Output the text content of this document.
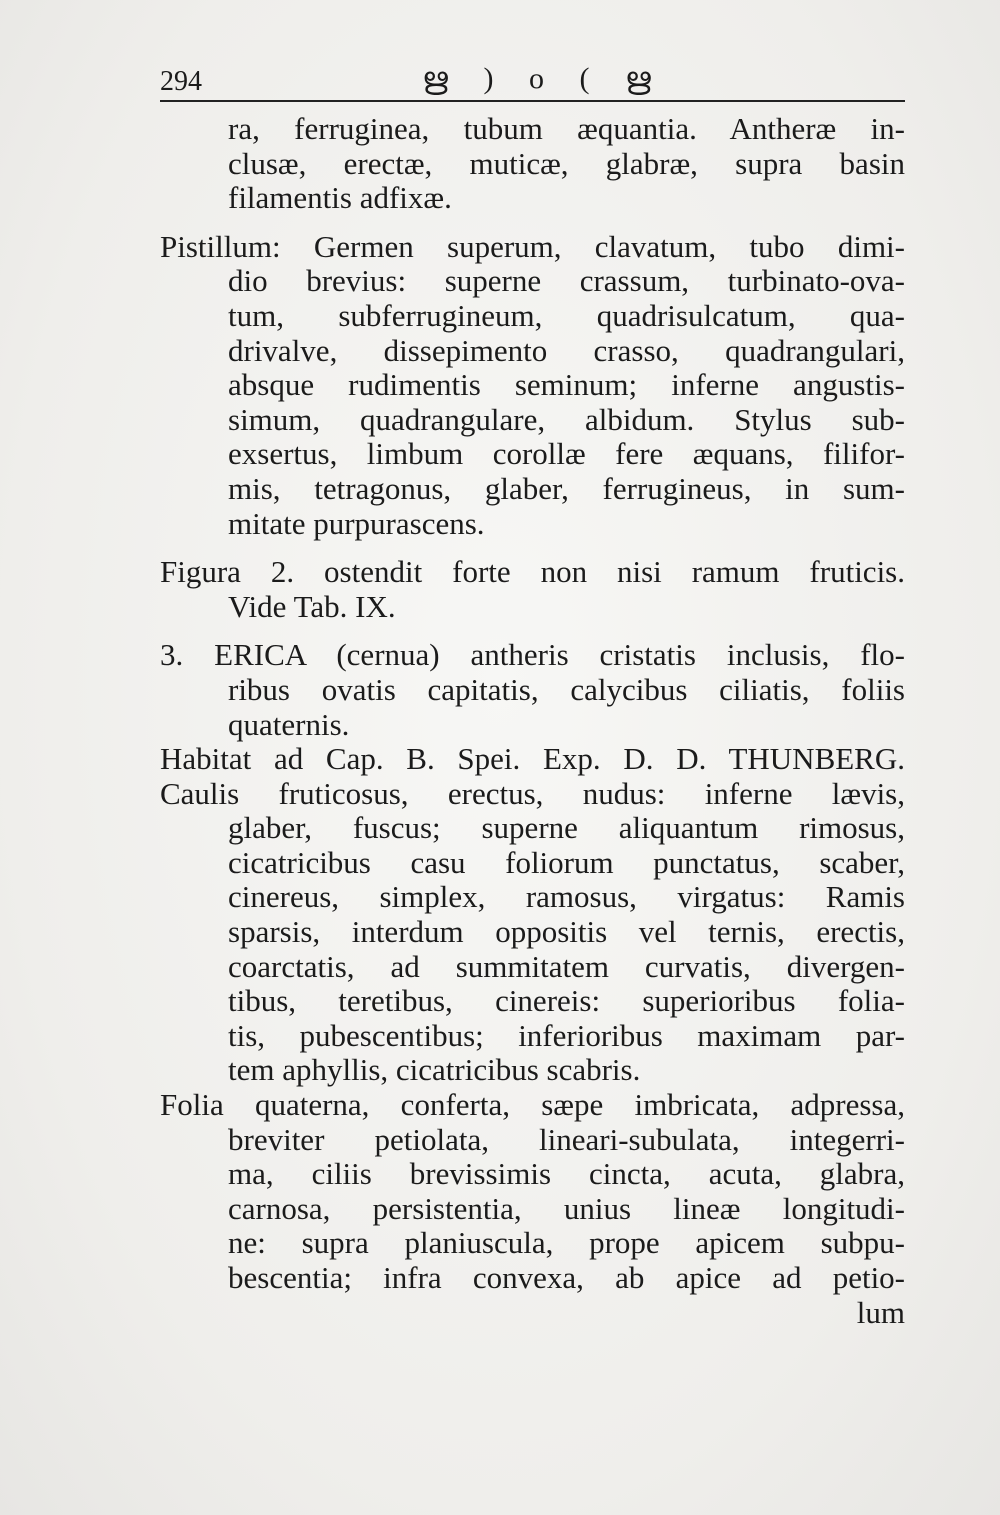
294	ഋ ) ο ( ഋ
ra, ferruginea, tubum æquantia. Antheræ in-
clusæ, erectæ, muticæ, glabræ, supra basin
filamentis adfixæ.
Pistillum: Germen superum, clavatum, tubo dimi-
dio brevius: superne crassum, turbinato-ova-
tum, subferrugineum, quadrisulcatum, qua-
drivalve, dissepimento crasso, quadrangulari,
absque rudimentis seminum; inferne angustis-
simum, quadrangulare, albidum. Stylus sub-
exsertus, limbum corollæ fere æquans, filifor-
mis, tetragonus, glaber, ferrugineus, in sum-
mitate purpurascens.
Figura 2. ostendit forte non nisi ramum fruticis.
Vide Tab. IX.
3. ERICA (cernua) antheris cristatis inclusis, flo-
ribus ovatis capitatis, calycibus ciliatis, foliis
quaternis.
Habitat ad Cap. B. Spei. Exp. D. D. THUNBERG.
Caulis fruticosus, erectus, nudus: inferne lævis,
glaber, fuscus; superne aliquantum rimosus,
cicatricibus casu foliorum punctatus, scaber,
cinereus, simplex, ramosus, virgatus: Ramis
sparsis, interdum oppositis vel ternis, erectis,
coarctatis, ad summitatem curvatis, divergen-
tibus, teretibus, cinereis: superioribus folia-
tis, pubescentibus; inferioribus maximam par-
tem aphyllis, cicatricibus scabris.
Folia quaterna, conferta, sæpe imbricata, adpressa,
breviter petiolata, lineari-subulata, integerri-
ma, ciliis brevissimis cincta, acuta, glabra,
carnosa, persistentia, unius lineæ longitudi-
ne: supra planiuscula, prope apicem subpu-
bescentia; infra convexa, ab apice ad petio-
lum
